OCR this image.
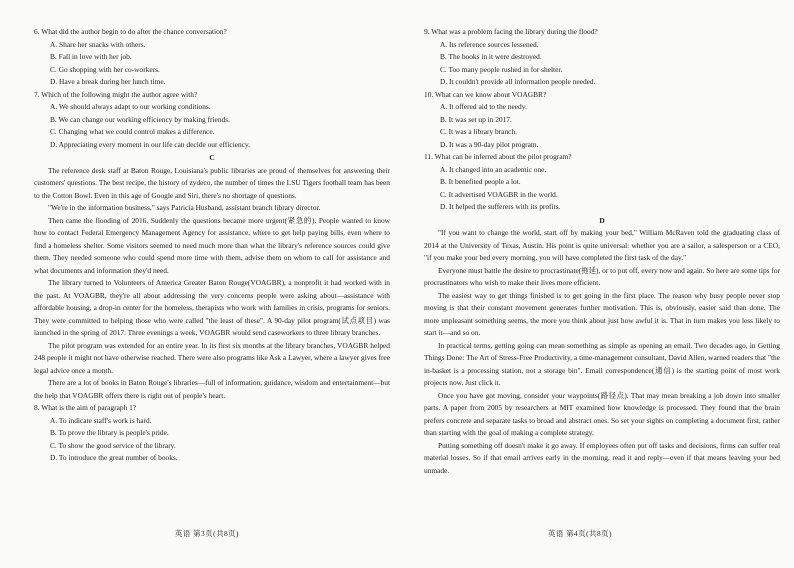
6. What did the author begin to do after the chance conversation?

A. Share her snacks with others.

B. Fall in love with her job.

C. Go shopping with her co-workers.

D. Have a break during her lunch time.

7. Which of the following might the author agree with?

A. We should always adapt to our working conditions.

B. We can change our working efficiency by making friends.

C. Changing what we could control makes a difference.

D. Appreciating every moment in our life can decide our efficiency.

C

The reference desk staff at Baton Rouge, Louisiana's public libraries are proud of themselves for answering their customers' questions. The best recipe, the history of zydeco, the number of times the LSU Tigers football team has been to the Cotton Bowl. Even in this age of Google and Siri, there's no shortage of questions.

"We're in the information business," says Patricia Husband, assistant branch library director.

Then came the flooding of 2016. Suddenly the questions became more urgent(紧急的). People wanted to know how to contact Federal Emergency Management Agency for assistance, where to get help paying bills, even where to find a homeless shelter. Some visitors seemed to need much more than what the library's reference sources could give them. They needed someone who could spend more time with them, advise them on whom to call for assistance and what documents and information they'd need.

The library turned to Volunteers of America Greater Baton Rouge(VOAGBR), a nonprofit it had worked with in the past. At VOAGBR, they're all about addressing the very concerns people were asking about—assistance with affordable housing, a drop-in center for the homeless, therapists who work with families in crisis, programs for seniors. They were committed to helping those who were called "the least of these". A 90-day pilot program(试点项目) was launched in the spring of 2017. Three evenings a week, VOAGBR would send caseworkers to three library branches.

The pilot program was extended for an entire year. In its first six months at the library branches, VOAGBR helped 248 people it might not have otherwise reached. There were also programs like Ask a Lawyer, where a lawyer gives free legal advice once a month.

There are a lot of books in Baton Rouge's libraries—full of information, guidance, wisdom and entertainment—but the help that VOAGBR offers there is right out of people's heart.

8. What is the aim of paragraph 1?

A. To indicate staff's work is hard.

B. To prove the library is people's pride.

C. To show the good service of the library.

D. To introduce the great number of books.

9. What was a problem facing the library during the flood?

A. Its reference sources lessened.

B. The books in it were destroyed.

C. Too many people rushed in for shelter.

D. It couldn't provide all information people needed.

10. What can we know about VOAGBR?

A. It offered aid to the needy.

B. It was set up in 2017.

C. It was a library branch.

D. It was a 90-day pilot program.

11. What can be inferred about the pilot program?

A. It changed into an academic one.

B. It benefited people a lot.

C. It advertised VOAGBR in the world.

D. It helped the sufferers with its profits.

D

"If you want to change the world, start off by making your bed," William McRaven told the graduating class of 2014 at the University of Texas, Austin. His point is quite universal: whether you are a sailor, a salesperson or a CEO, "if you make your bed every morning, you will have completed the first task of the day."

Everyone must battle the desire to procrastinate(拖延), or to put off, every now and again. So here are some tips for procrastinators who wish to make their lives more efficient.

The easiest way to get things finished is to get going in the first place. The reason why busy people never stop moving is that their constant movement generates further motivation. This is, obviously, easier said than done. The more unpleasant something seems, the more you think about just how awful it is. That in turn makes you less likely to start it—and so on.

In practical terms, getting going can mean something as simple as opening an email. Two decades ago, in Getting Things Done: The Art of Stress-Free Productivity, a time-management consultant, David Allen, warned readers that "the in-basket is a processing station, not a storage bin". Email correspondence(通信) is the starting point of most work projects now. Just click it.

Once you have got moving, consider your waypoints(路径点). That may mean breaking a job down into smaller parts. A paper from 2005 by researchers at MIT examined how knowledge is processed. They found that the brain prefers concrete and separate tasks to broad and abstract ones. So set your sights on completing a document first, rather than starting with the goal of making a complete strategy.

Putting something off doesn't make it go away. If employees often put off tasks and decisions, firms can suffer real material losses. So if that email arrives early in the morning, read it and reply—even if that means leaving your bed unmade.

英语 第3页(共8页)	英语 第4页(共8页)
